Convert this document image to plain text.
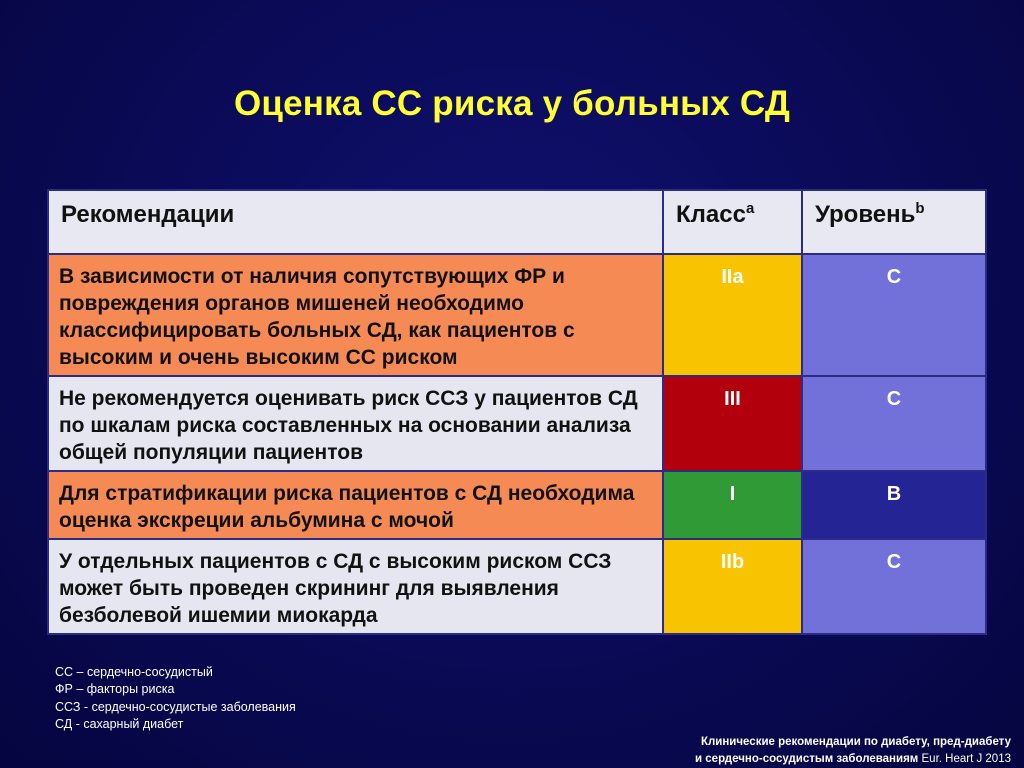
Оценка СС риска у больных СД
Рекомендации	Класс$^a$	Уровень$^b$

В зависимости от наличия сопутствующих ФР и повреждения органов мишеней необходимо классифицировать больных СД, как пациентов с высоким и очень высоким СС риском	IIa	C

Не рекомендуется оценивать риск ССЗ у пациентов СД по шкалам риска составленных на основании анализа общей популяции пациентов	III	C

Для стратификации риска пациентов с СД необходима оценка экскреции альбумина с мочой	I	B

У отдельных пациентов с СД с высоким риском ССЗ может быть проведен скрининг для выявления безболевой ишемии миокарда	IIb	C
СС – сердечно-сосудистый
ФР – факторы риска
ССЗ - сердечно-сосудистые заболевания
СД - сахарный диабет
Клинические рекомендации по диабету, пред-диабету
и сердечно-сосудистым заболеваниям Eur. Heart J 2013
